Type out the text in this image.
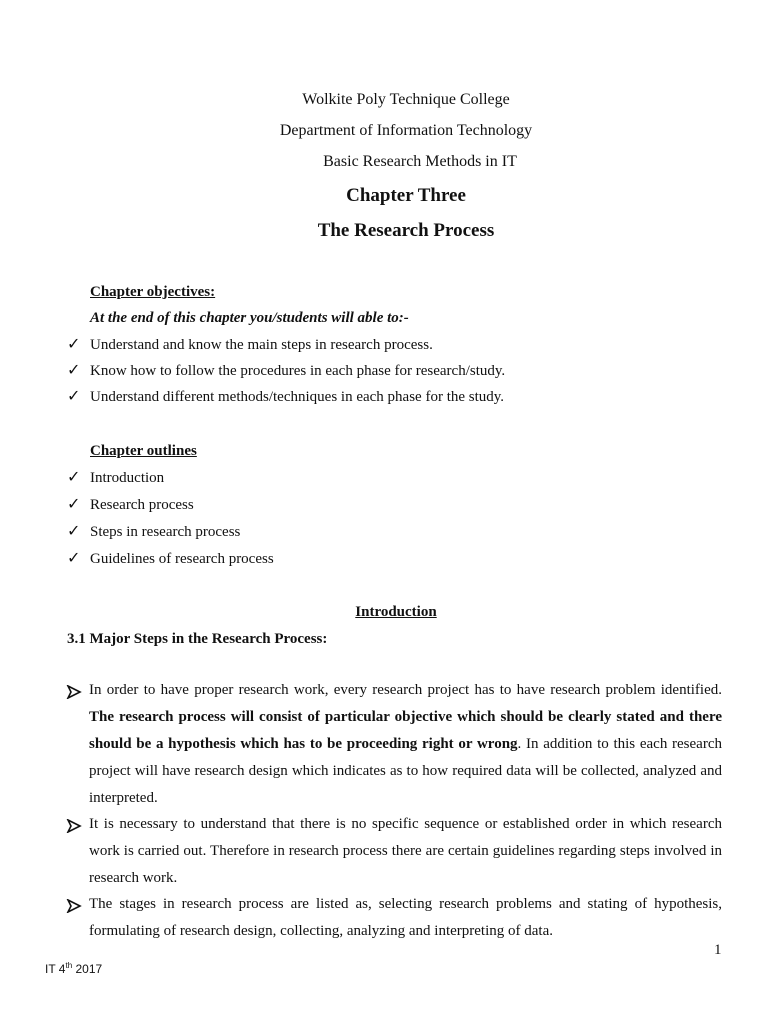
Wolkite Poly Technique College
Department of Information Technology
Basic Research Methods in IT
Chapter Three
The Research Process
Chapter objectives:
At the end of this chapter you/students will able to:-
✓ Understand and know the main steps in research process.
✓ Know how to follow the procedures in each phase for research/study.
✓ Understand different methods/techniques in each phase for the study.
Chapter outlines
✓ Introduction
✓ Research process
✓ Steps in research process
✓ Guidelines of research process
Introduction
3.1 Major Steps in the Research Process:
In order to have proper research work, every research project has to have research problem identified. The research process will consist of particular objective which should be clearly stated and there should be a hypothesis which has to be proceeding right or wrong. In addition to this each research project will have research design which indicates as to how required data will be collected, analyzed and interpreted.
It is necessary to understand that there is no specific sequence or established order in which research work is carried out. Therefore in research process there are certain guidelines regarding steps involved in research work.
The stages in research process are listed as, selecting research problems and stating of hypothesis, formulating of research design, collecting, analyzing and interpreting of data.
1
IT 4th 2017
